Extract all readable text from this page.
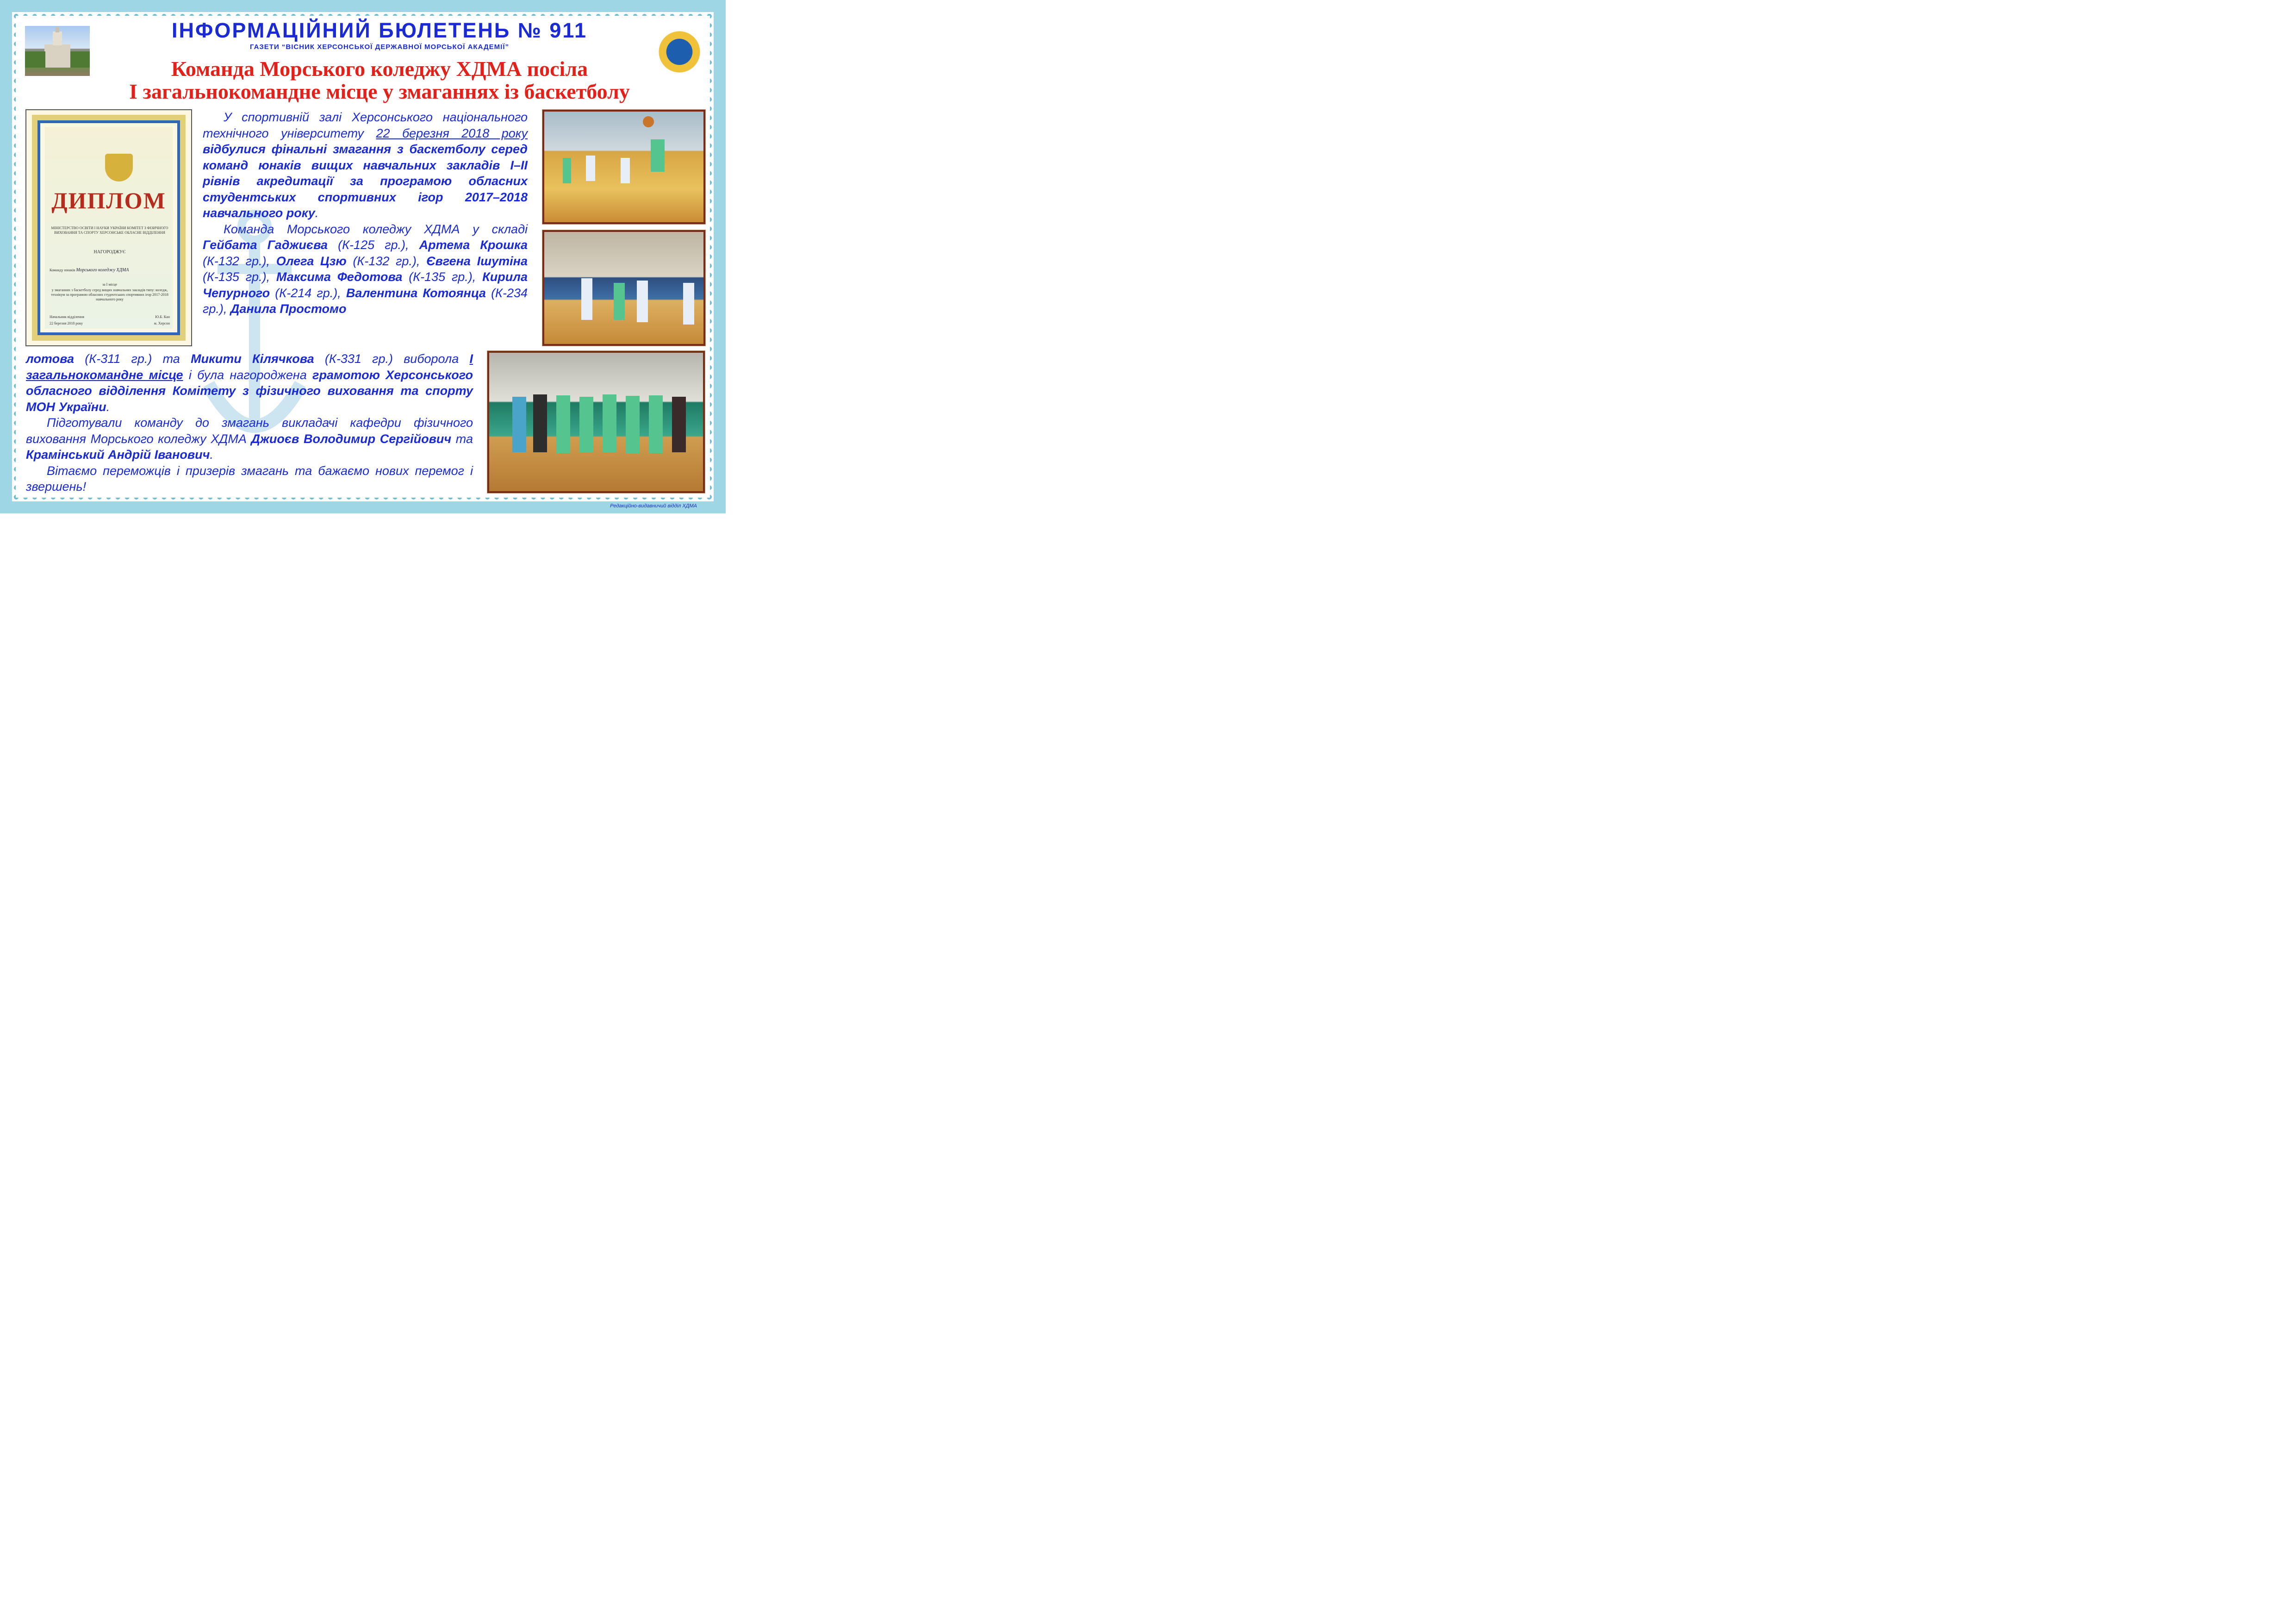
ІНФОРМАЦІЙНИЙ БЮЛЕТЕНЬ № 911
ГАЗЕТИ “ВІСНИК ХЕРСОНСЬКОЇ ДЕРЖАВНОЇ МОРСЬКОЇ АКАДЕМІЇ”
Команда Морського коледжу ХДМА посіла
І загальнокомандне місце у змаганнях із баскетболу
ДИПЛОМ
МІНІСТЕРСТВО ОСВІТИ І НАУКИ УКРАЇНИ КОМІТЕТ З ФІЗИЧНОГО ВИХОВАННЯ ТА СПОРТУ ХЕРСОНСЬКЕ ОБЛАСНЕ ВІДДІЛЕННЯ
НАГОРОДЖУЄ
Команду юнаків Морського коледжу ХДМА
за І місце
у змаганнях з баскетболу серед вищих навчальних закладів типу: коледж, технікум за програмою обласних студентських спортивних ігор 2017-2018 навчального року
Начальник відділення	Ю.Б. Кан
22 березня 2018 року	м. Херсон

У спортивній залі Херсонського національного технічного університету 22 березня 2018 року відбулися фінальні змагання з баскетболу серед команд юнаків вищих навчальних закладів І–ІІ рівнів акредитації за програмою обласних студентських спортивних ігор 2017–2018 навчального року.

Команда Морського коледжу ХДМА у складі Гейбата Гаджиєва (К-125 гр.), Артема Крошка (К-132 гр.), Олега Цзю (К-132 гр.), Євгена Ішутіна (К-135 гр.), Максима Федотова (К-135 гр.), Кирила Чепурного (К-214 гр.), Валентина Котоянца (К-234 гр.), Данила Простомо

лотова (К-311 гр.) та Микити Кілячкова (К-331 гр.) виборола І загальнокомандне місце і була нагороджена грамотою Херсонського обласного відділення Комітету з фізичного виховання та спорту МОН України.

Підготували команду до змагань викладачі кафедри фізичного виховання Морського коледжу ХДМА Джиоєв Володимир Сергійович та Крамінський Андрій Іванович.

Вітаємо переможців і призерів змагань та бажаємо нових перемог і звершень!

Редакційно-видавничий відділ ХДМА
